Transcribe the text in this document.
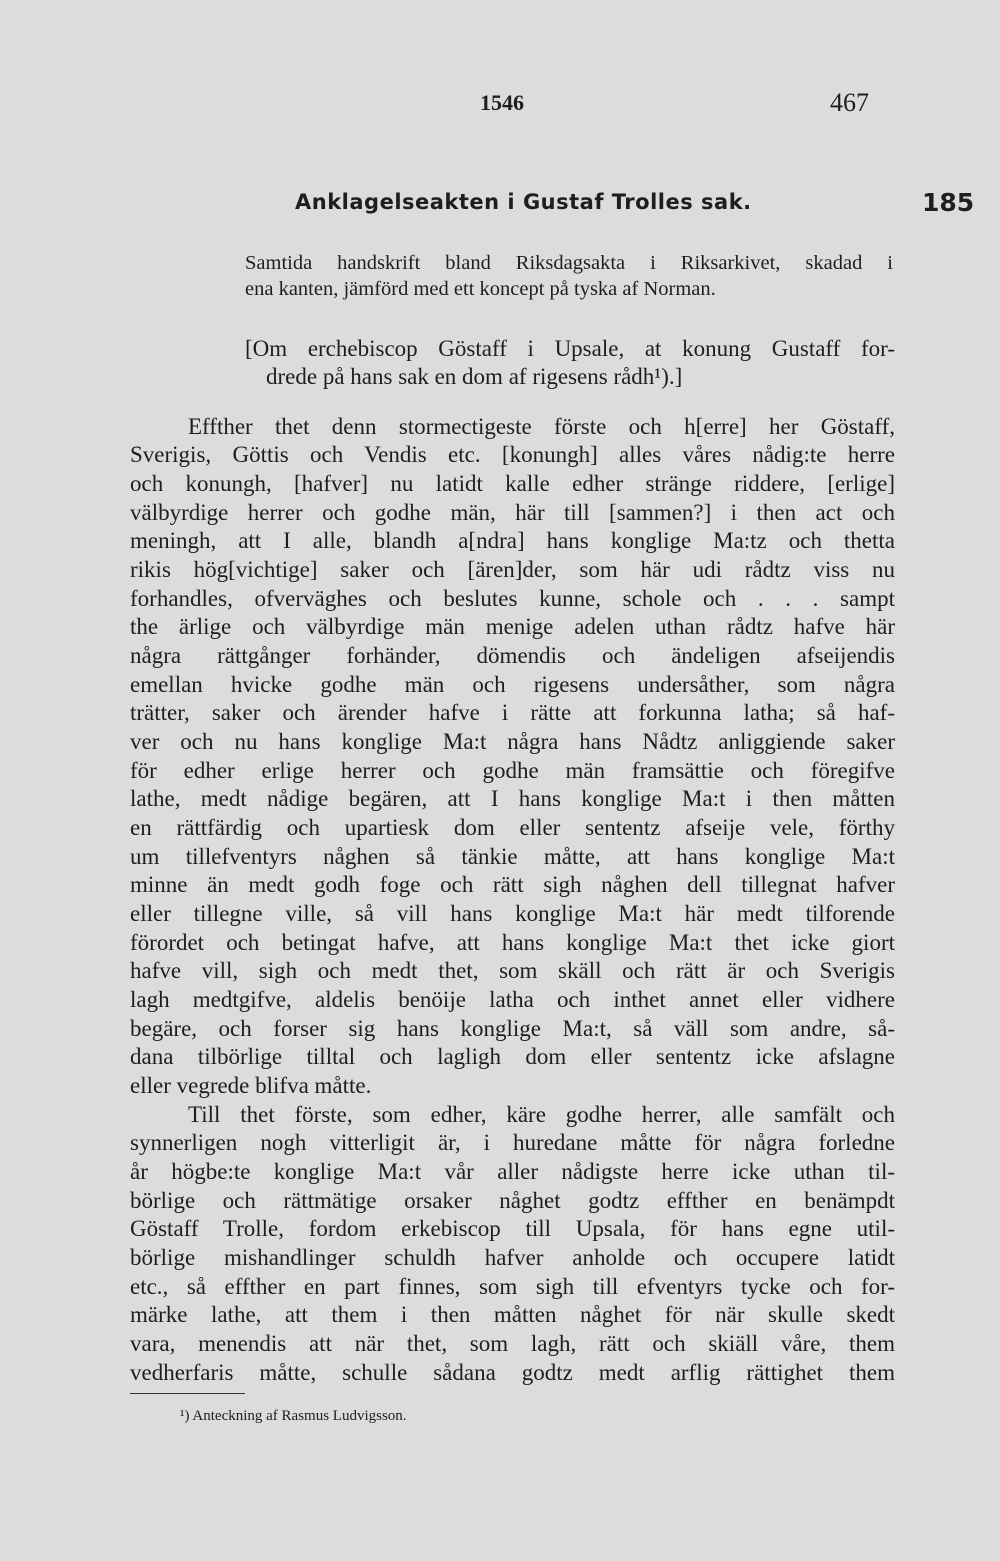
1546	467
Anklagelseakten i Gustaf Trolles sak.	185
Samtida handskrift bland Riksdagsakta i Riksarkivet, skadad i
ena kanten, jämförd med ett koncept på tyska af Norman.
[Om erchebiscop Göstaff i Upsale, at konung Gustaff for-
drede på hans sak en dom af rigesens rådh¹).]
Effther thet denn stormectigeste förste och h[erre] her Göstaff,
Sverigis, Göttis och Vendis etc. [konungh] alles våres nådig:te herre
och konungh, [hafver] nu latidt kalle edher stränge riddere, [erlige]
välbyrdige herrer och godhe män, här till [sammen?] i then act och
meningh, att I alle, blandh a[ndra] hans konglige Ma:tz och thetta
rikis hög[vichtige] saker och [ären]der, som här udi rådtz viss nu
forhandles, ofverväghes och beslutes kunne, schole och . . . sampt
the ärlige och välbyrdige män menige adelen uthan rådtz hafve här
några rättgånger forhänder, dömendis och ändeligen afseijendis
emellan hvicke godhe män och rigesens undersåther, som några
trätter, saker och ärender hafve i rätte att forkunna latha; så haf-
ver och nu hans konglige Ma:t några hans Nådtz anliggiende saker
för edher erlige herrer och godhe män framsättie och föregifve
lathe, medt nådige begären, att I hans konglige Ma:t i then måtten
en rättfärdig och upartiesk dom eller sententz afseije vele, förthy
um tillefventyrs någhen så tänkie måtte, att hans konglige Ma:t
minne än medt godh foge och rätt sigh någhen dell tillegnat hafver
eller tillegne ville, så vill hans konglige Ma:t här medt tilforende
förordet och betingat hafve, att hans konglige Ma:t thet icke giort
hafve vill, sigh och medt thet, som skäll och rätt är och Sverigis
lagh medtgifve, aldelis benöije latha och inthet annet eller vidhere
begäre, och forser sig hans konglige Ma:t, så väll som andre, så-
dana tilbörlige tilltal och lagligh dom eller sententz icke afslagne
eller vegrede blifva måtte.
Till thet förste, som edher, käre godhe herrer, alle samfält och
synnerligen nogh vitterligit är, i huredane måtte för några forledne
år högbe:te konglige Ma:t vår aller nådigste herre icke uthan til-
börlige och rättmätige orsaker någhet godtz effther en benämpdt
Göstaff Trolle, fordom erkebiscop till Upsala, för hans egne util-
börlige mishandlinger schuldh hafver anholde och occupere latidt
etc., så effther en part finnes, som sigh till efventyrs tycke och for-
märke lathe, att them i then måtten någhet för när skulle skedt
vara, menendis att när thet, som lagh, rätt och skiäll våre, them
vedherfaris måtte, schulle sådana godtz medt arflig rättighet them
¹) Anteckning af Rasmus Ludvigsson.
